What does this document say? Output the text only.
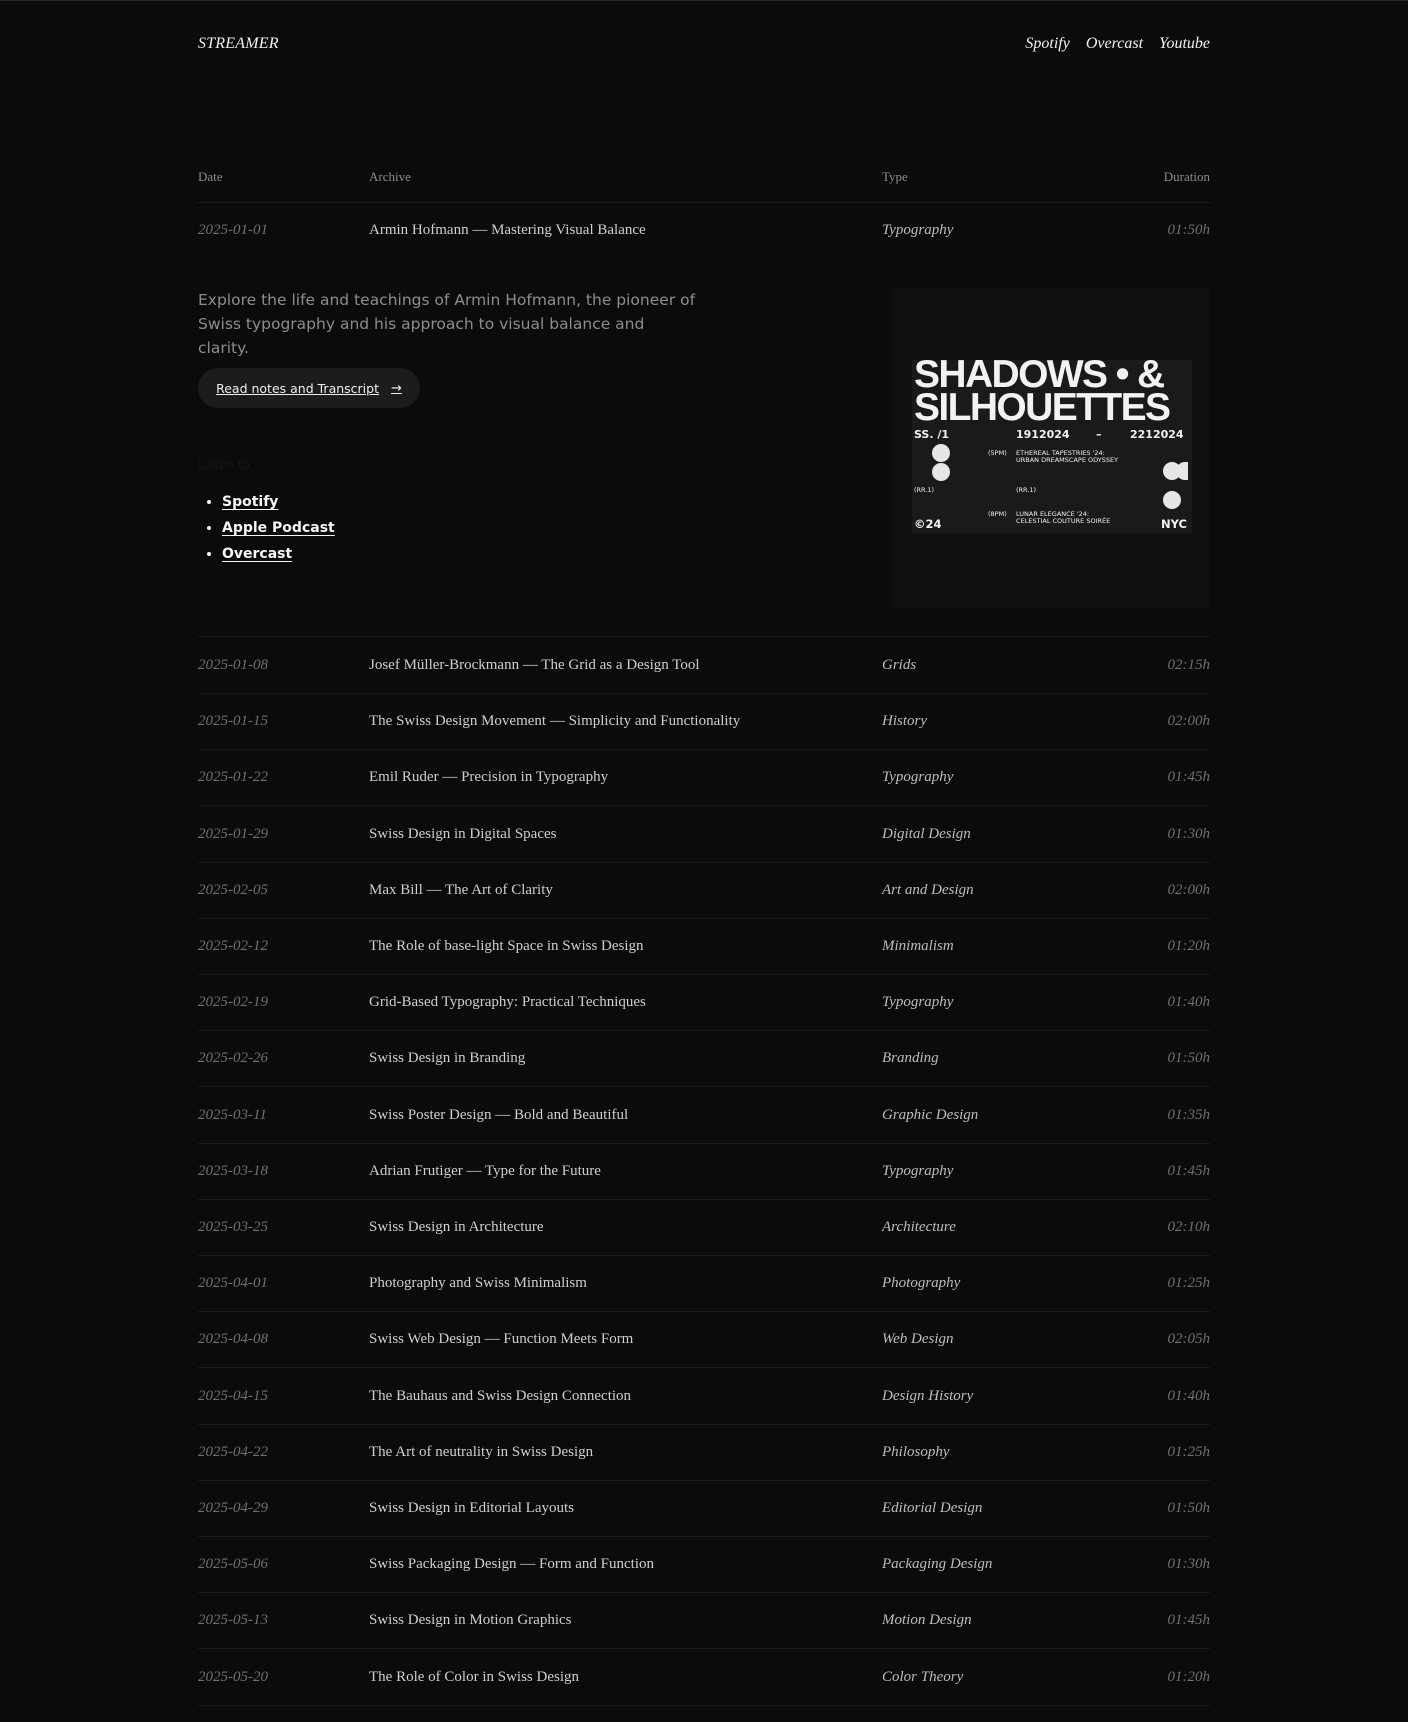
STREAMER	Spotify Overcast Youtube
Date	Archive	Type	Duration
2025-01-01	Armin Hofmann — Mastering Visual Balance	Typography	01:50h

Explore the life and teachings of Armin Hofmann, the pioneer of Swiss typography and his approach to visual balance and clarity.

Read notes and Transcript →
Listen to
• Spotify
• Apple Podcast
• Overcast
SHADOWS • &
SILHOUETTES
SS. /1	1912024 –	2212024
(5PM) ETHEREAL TAPESTRIES '24: URBAN DREAMSCAPE ODYSSEY
(RR.1)	(RR.1)
(8PM) LUNAR ELEGANCE '24: CELESTIAL COUTURE SOIRÉE
©24	NYC
2025-01-08	Josef Müller-Brockmann — The Grid as a Design Tool	Grids	02:15h
2025-01-15	The Swiss Design Movement — Simplicity and Functionality	History	02:00h
2025-01-22	Emil Ruder — Precision in Typography	Typography	01:45h
2025-01-29	Swiss Design in Digital Spaces	Digital Design	01:30h
2025-02-05	Max Bill — The Art of Clarity	Art and Design	02:00h
2025-02-12	The Role of base-light Space in Swiss Design	Minimalism	01:20h
2025-02-19	Grid-Based Typography: Practical Techniques	Typography	01:40h
2025-02-26	Swiss Design in Branding	Branding	01:50h
2025-03-11	Swiss Poster Design — Bold and Beautiful	Graphic Design	01:35h
2025-03-18	Adrian Frutiger — Type for the Future	Typography	01:45h
2025-03-25	Swiss Design in Architecture	Architecture	02:10h
2025-04-01	Photography and Swiss Minimalism	Photography	01:25h
2025-04-08	Swiss Web Design — Function Meets Form	Web Design	02:05h
2025-04-15	The Bauhaus and Swiss Design Connection	Design History	01:40h
2025-04-22	The Art of neutrality in Swiss Design	Philosophy	01:25h
2025-04-29	Swiss Design in Editorial Layouts	Editorial Design	01:50h
2025-05-06	Swiss Packaging Design — Form and Function	Packaging Design	01:30h
2025-05-13	Swiss Design in Motion Graphics	Motion Design	01:45h
2025-05-20	The Role of Color in Swiss Design	Color Theory	01:20h
